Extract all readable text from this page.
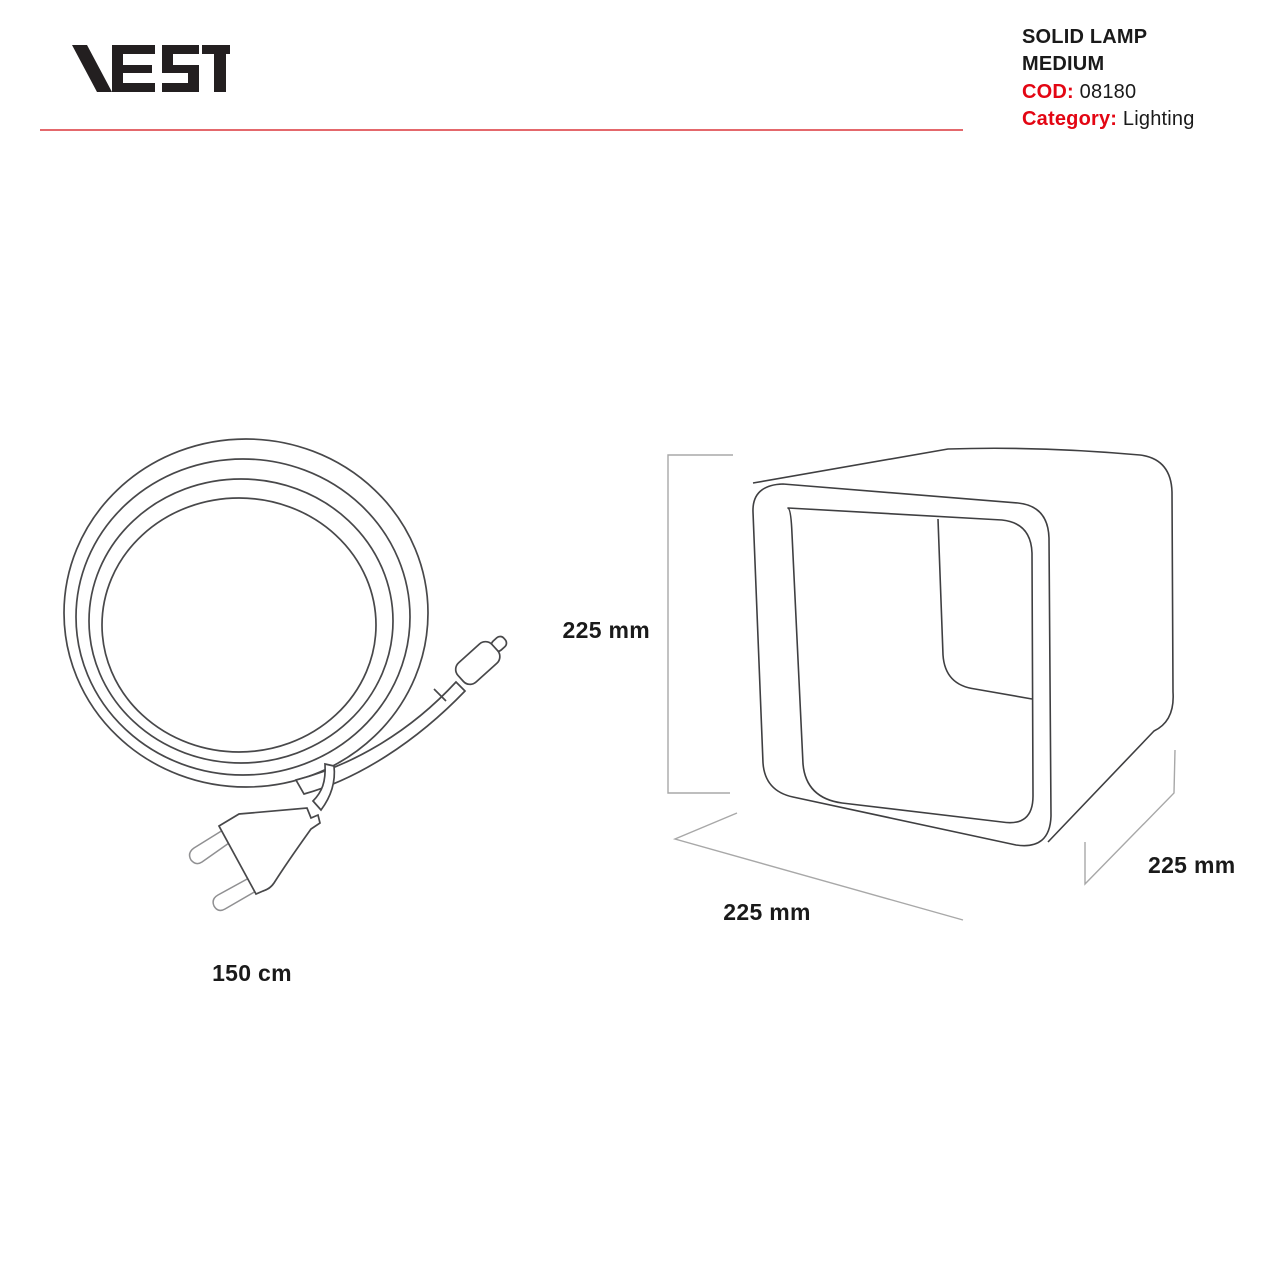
SOLID LAMP
MEDIUM
COD: 08180
Category: Lighting
225 mm
225 mm
225 mm
150 cm
